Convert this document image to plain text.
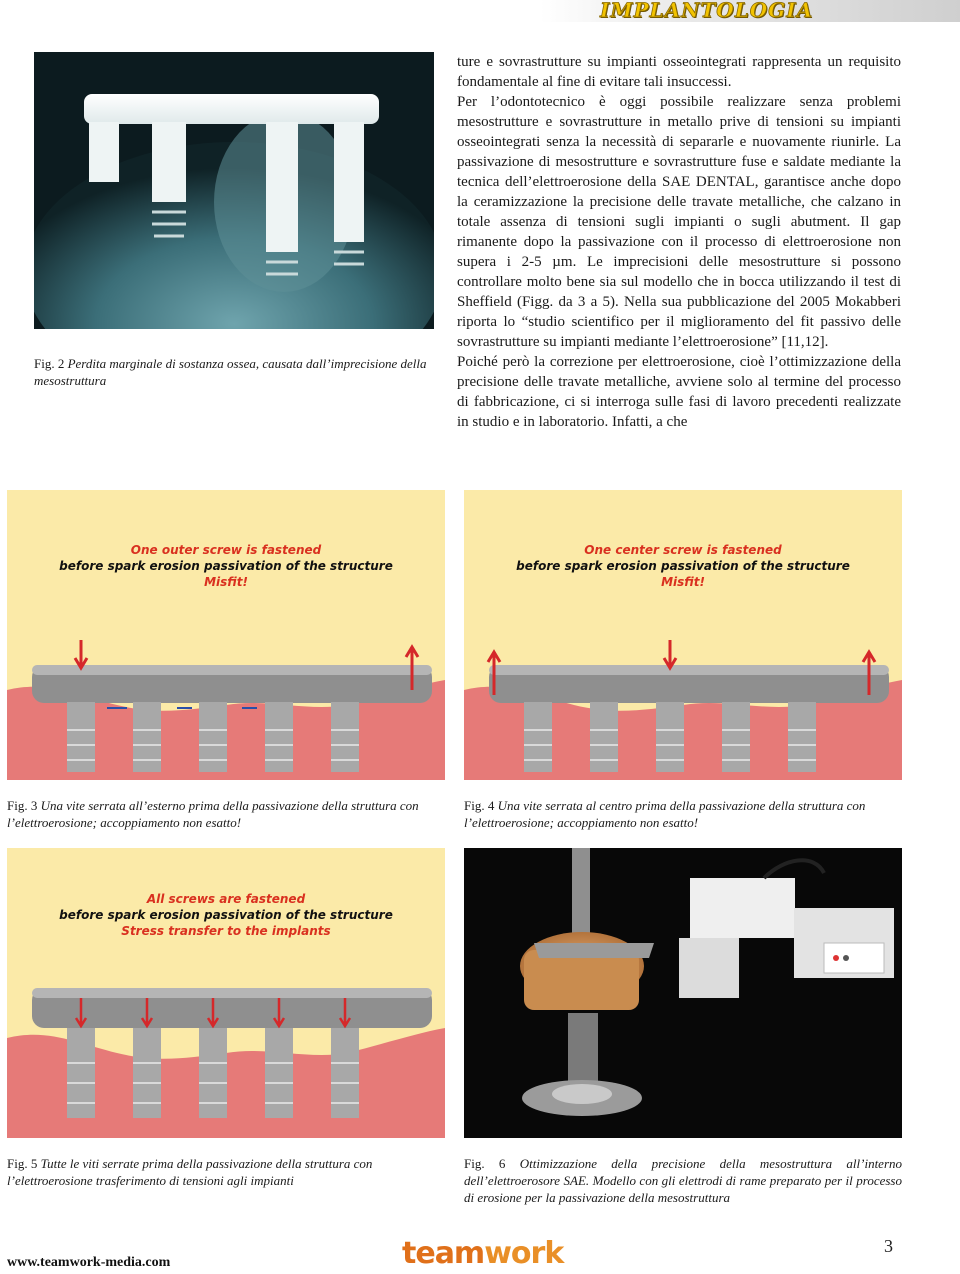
IMPLANTOLOGIA
Fig. 2 Perdita marginale di sostanza ossea, causata dall’imprecisione della mesostruttura

ture e sovrastrutture su impianti osseointegrati rappresenta un requisito fondamentale al fine di evitare tali insuccessi.

Per l’odontotecnico è oggi possibile realizzare senza problemi mesostrutture e sovrastrutture in metallo prive di tensioni su impianti osseointegrati senza la necessità di separarle e nuovamente riunirle. La passivazione di mesostrutture e sovrastrutture fuse e saldate mediante la tecnica dell’elettroerosione della SAE DENTAL, garantisce anche dopo la ceramizzazione la precisione delle travate metalliche, che calzano in totale assenza di tensioni sugli impianti o sugli abutment. Il gap rimanente dopo la passivazione con il processo di elettroerosione non supera i 2-5 µm. Le imprecisioni delle mesostrutture si possono controllare molto bene sia sul modello che in bocca utilizzando il test di Sheffield (Figg. da 3 a 5). Nella sua pubblicazione del 2005 Mokabberi riporta lo “studio scientifico per il miglioramento del fit passivo delle sovrastrutture su impianti mediante l’elettroerosione” [11,12].

Poiché però la correzione per elettroerosione, cioè l’ottimizzazione della precisione delle travate metalliche, avviene solo al termine del processo di fabbricazione, ci si interroga sulle fasi di lavoro precedenti realizzate in studio e in laboratorio. Infatti, a che

One outer screw is fastened
before spark erosion passivation of the structure
Misfit!
Fig. 3 Una vite serrata all’esterno prima della passivazione della struttura con l’elettroerosione; accoppiamento non esatto!
One center screw is fastened
before spark erosion passivation of the structure
Misfit!
Fig. 4 Una vite serrata al centro prima della passivazione della struttura con l’elettroerosione; accoppiamento non esatto!
All screws are fastened
before spark erosion passivation of the structure
Stress transfer to the implants
Fig. 5 Tutte le viti serrate prima della passivazione della struttura con l’elettroerosione trasferimento di tensioni agli impianti
Fig. 6 Ottimizzazione della precisione della mesostruttura all’interno dell’elettroerosore SAE. Modello con gli elettrodi di rame preparato per il processo di erosione per la passivazione della mesostruttura
www.teamwork-media.com	teamwork	3
